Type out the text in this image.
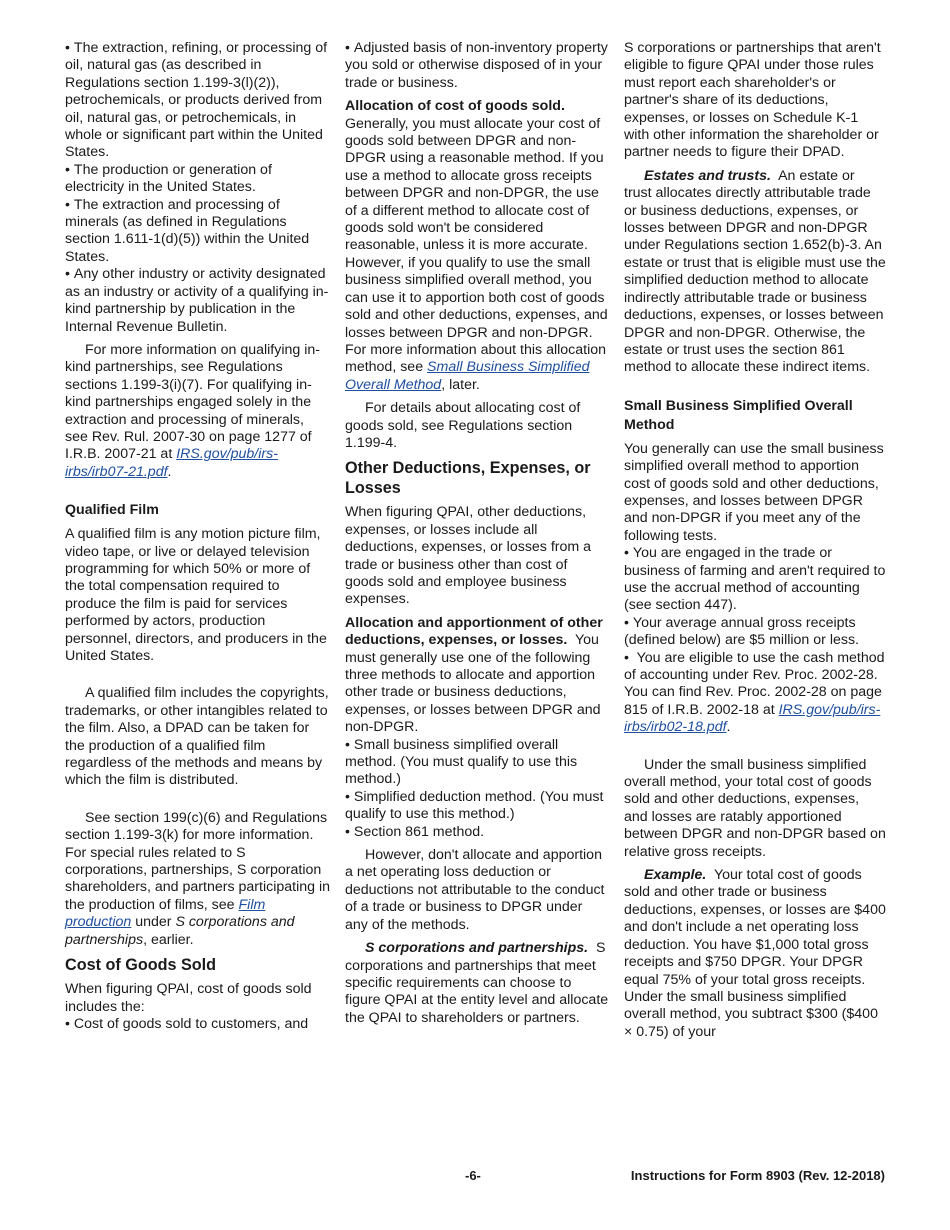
• The extraction, refining, or processing of oil, natural gas (as described in Regulations section 1.199-3(l)(2)), petrochemicals, or products derived from oil, natural gas, or petrochemicals, in whole or significant part within the United States.

• The production or generation of electricity in the United States.

• The extraction and processing of minerals (as defined in Regulations section 1.611-1(d)(5)) within the United States.

• Any other industry or activity designated as an industry or activity of a qualifying in-kind partnership by publication in the Internal Revenue Bulletin.

For more information on qualifying in-kind partnerships, see Regulations sections 1.199-3(i)(7). For qualifying in-kind partnerships engaged solely in the extraction and processing of minerals, see Rev. Rul. 2007-30 on page 1277 of I.R.B. 2007-21 at IRS.gov/pub/irs-irbs/irb07-21.pdf.

Qualified Film

A qualified film is any motion picture film, video tape, or live or delayed television programming for which 50% or more of the total compensation required to produce the film is paid for services performed by actors, production personnel, directors, and producers in the United States.

A qualified film includes the copyrights, trademarks, or other intangibles related to the film. Also, a DPAD can be taken for the production of a qualified film regardless of the methods and means by which the film is distributed.

See section 199(c)(6) and Regulations section 1.199-3(k) for more information. For special rules related to S corporations, partnerships, S corporation shareholders, and partners participating in the production of films, see Film production under S corporations and partnerships, earlier.

Cost of Goods Sold

When figuring QPAI, cost of goods sold includes the:

• Cost of goods sold to customers, and

• Adjusted basis of non-inventory property you sold or otherwise disposed of in your trade or business.

Allocation of cost of goods sold. Generally, you must allocate your cost of goods sold between DPGR and non-DPGR using a reasonable method. If you use a method to allocate gross receipts between DPGR and non-DPGR, the use of a different method to allocate cost of goods sold won't be considered reasonable, unless it is more accurate. However, if you qualify to use the small business simplified overall method, you can use it to apportion both cost of goods sold and other deductions, expenses, and losses between DPGR and non-DPGR. For more information about this allocation method, see Small Business Simplified Overall Method, later.

For details about allocating cost of goods sold, see Regulations section 1.199-4.

Other Deductions, Expenses, or Losses

When figuring QPAI, other deductions, expenses, or losses include all deductions, expenses, or losses from a trade or business other than cost of goods sold and employee business expenses.

Allocation and apportionment of other deductions, expenses, or losses. You must generally use one of the following three methods to allocate and apportion other trade or business deductions, expenses, or losses between DPGR and non-DPGR.

• Small business simplified overall method. (You must qualify to use this method.)

• Simplified deduction method. (You must qualify to use this method.)

• Section 861 method.

However, don't allocate and apportion a net operating loss deduction or deductions not attributable to the conduct of a trade or business to DPGR under any of the methods.

S corporations and partnerships. S corporations and partnerships that meet specific requirements can choose to figure QPAI at the entity level and allocate the QPAI to shareholders or partners.

S corporations or partnerships that aren't eligible to figure QPAI under those rules must report each shareholder's or partner's share of its deductions, expenses, or losses on Schedule K-1 with other information the shareholder or partner needs to figure their DPAD.

Estates and trusts. An estate or trust allocates directly attributable trade or business deductions, expenses, or losses between DPGR and non-DPGR under Regulations section 1.652(b)-3. An estate or trust that is eligible must use the simplified deduction method to allocate indirectly attributable trade or business deductions, expenses, or losses between DPGR and non-DPGR. Otherwise, the estate or trust uses the section 861 method to allocate these indirect items.

Small Business Simplified Overall Method

You generally can use the small business simplified overall method to apportion cost of goods sold and other deductions, expenses, and losses between DPGR and non-DPGR if you meet any of the following tests.

• You are engaged in the trade or business of farming and aren't required to use the accrual method of accounting (see section 447).

• Your average annual gross receipts (defined below) are $5 million or less.

• You are eligible to use the cash method of accounting under Rev. Proc. 2002-28. You can find Rev. Proc. 2002-28 on page 815 of I.R.B. 2002-18 at IRS.gov/pub/irs-irbs/irb02-18.pdf.

Under the small business simplified overall method, your total cost of goods sold and other deductions, expenses, and losses are ratably apportioned between DPGR and non-DPGR based on relative gross receipts.

Example. Your total cost of goods sold and other trade or business deductions, expenses, or losses are $400 and don't include a net operating loss deduction. You have $1,000 total gross receipts and $750 DPGR. Your DPGR equal 75% of your total gross receipts. Under the small business simplified overall method, you subtract $300 ($400 × 0.75) of your

-6-	Instructions for Form 8903 (Rev. 12-2018)
